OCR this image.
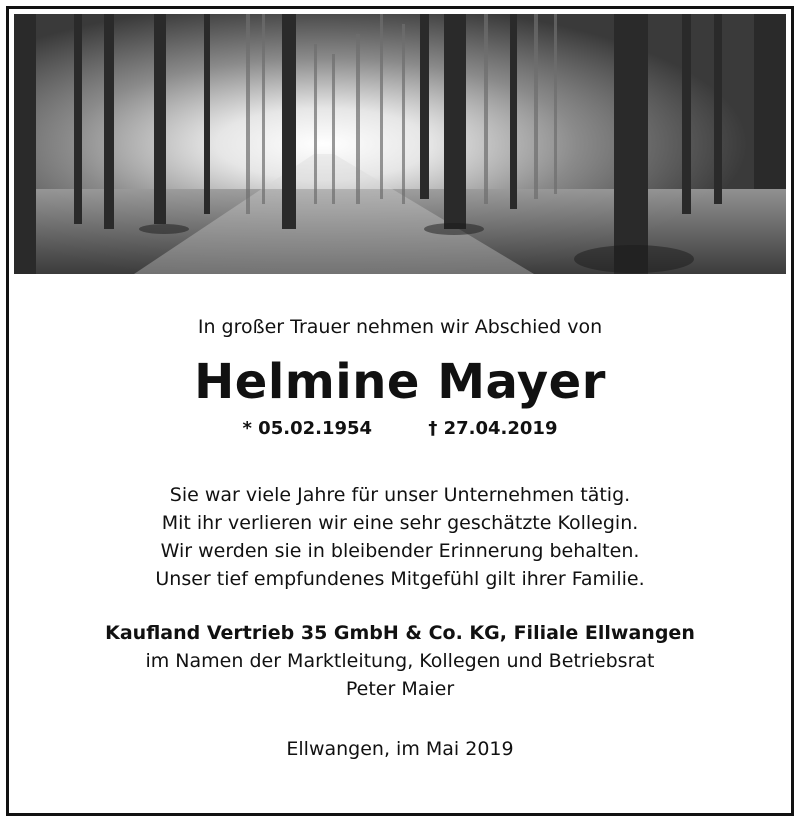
In großer Trauer nehmen wir Abschied von
Helmine Mayer
* 05.02.1954	† 27.04.2019
Sie war viele Jahre für unser Unternehmen tätig.
Mit ihr verlieren wir eine sehr geschätzte Kollegin.
Wir werden sie in bleibender Erinnerung behalten.
Unser tief empfundenes Mitgefühl gilt ihrer Familie.
Kaufland Vertrieb 35 GmbH & Co. KG, Filiale Ellwangen
im Namen der Marktleitung, Kollegen und Betriebsrat
Peter Maier
Ellwangen, im Mai 2019
